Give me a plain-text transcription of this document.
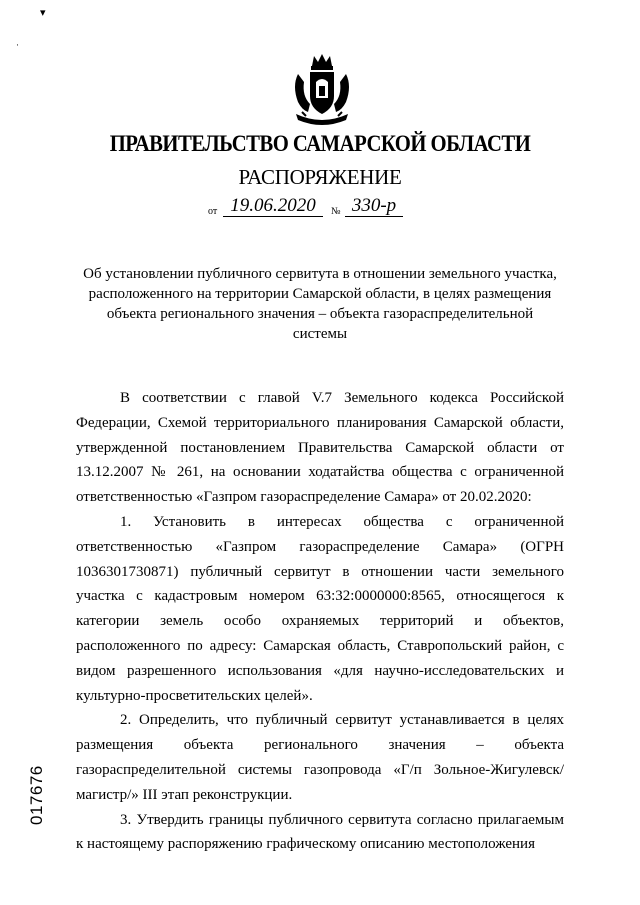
▾
·
ПРАВИТЕЛЬСТВО САМАРСКОЙ ОБЛАСТИ
РАСПОРЯЖЕНИЕ
от 19.06.2020	№ 330-р
Об установлении публичного сервитута в отношении земельного участка,
расположенного на территории Самарской области, в целях размещения
объекта регионального значения – объекта газораспределительной
системы

В соответствии с главой V.7 Земельного кодекса Российской Федерации, Схемой территориального планирования Самарской области, утвержденной постановлением Правительства Самарской области от 13.12.2007 № 261, на основании ходатайства общества с ограниченной ответственностью «Газпром газораспределение Самара» от 20.02.2020:

1. Установить в интересах общества с ограниченной ответственностью «Газпром газораспределение Самара» (ОГРН 1036301730871) публичный сервитут в отношении части земельного участка с кадастровым номером 63:32:0000000:8565, относящегося к категории земель особо охраняемых территорий и объектов, расположенного по адресу: Самарская область, Ставропольский район, с видом разрешенного использования «для научно-исследовательских и культурно-просветительских целей».

2. Определить, что публичный сервитут устанавливается в целях размещения объекта регионального значения – объекта газораспределительной системы газопровода «Г/п Зольное-Жигулевск/магистр/» III этап реконструкции.

3. Утвердить границы публичного сервитута согласно прилагаемым к настоящему распоряжению графическому описанию местоположения

017676
